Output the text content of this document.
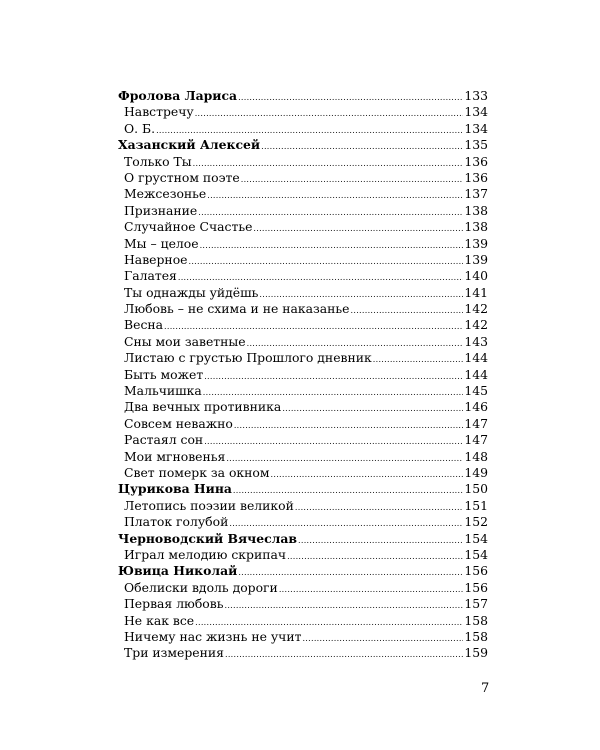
Фролова Лариса .....	133
Навстречу .....	134
О. Б. .....	134
Хазанский Алексей .....	135
Только Ты .....	136
О грустном поэте .....	136
Межсезонье .....	137
Признание .....	138
Случайное Счастье .....	138
Мы – целое .....	139
Наверное .....	139
Галатея .....	140
Ты однажды уйдёшь .....	141
Любовь – не схима и не наказанье .....	142
Весна .....	142
Сны мои заветные .....	143
Листаю с грустью Прошлого дневник .....	144
Быть может .....	144
Мальчишка .....	145
Два вечных противника .....	146
Совсем неважно .....	147
Растаял сон .....	147
Мои мгновенья .....	148
Свет померк за окном .....	149
Цурикова Нина .....	150
Летопись поэзии великой .....	151
Платок голубой .....	152
Черноводский Вячеслав .....	154
Играл мелодию скрипач .....	154
Ювица Николай .....	156
Обелиски вдоль дороги .....	156
Первая любовь .....	157
Не как все .....	158
Ничему нас жизнь не учит .....	158
Три измерения .....	159
7
